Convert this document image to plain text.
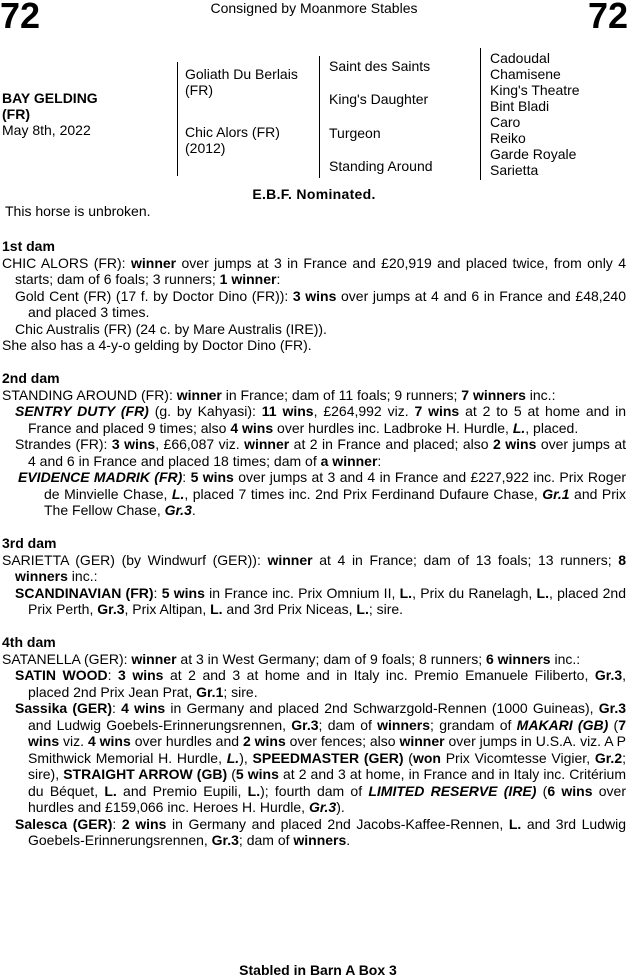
72	Consigned by Moanmore Stables	72
BAY GELDING
(FR)
May 8th, 2022
Goliath Du Berlais (FR)
Chic Alors (FR) (2012)
Saint des Saints
King's Daughter
Turgeon
Standing Around
Cadoudal
Chamisene
King's Theatre
Bint Bladi
Caro
Reiko
Garde Royale
Sarietta
E.B.F. Nominated.
This horse is unbroken.
1st dam
CHIC ALORS (FR): winner over jumps at 3 in France and £20,919 and placed twice, from only 4 starts; dam of 6 foals; 3 runners; 1 winner:
Gold Cent (FR) (17 f. by Doctor Dino (FR)): 3 wins over jumps at 4 and 6 in France and £48,240 and placed 3 times.
Chic Australis (FR) (24 c. by Mare Australis (IRE)).
She also has a 4-y-o gelding by Doctor Dino (FR).
2nd dam
STANDING AROUND (FR): winner in France; dam of 11 foals; 9 runners; 7 winners inc.:
SENTRY DUTY (FR) (g. by Kahyasi): 11 wins, £264,992 viz. 7 wins at 2 to 5 at home and in France and placed 9 times; also 4 wins over hurdles inc. Ladbroke H. Hurdle, L., placed.
Strandes (FR): 3 wins, £66,087 viz. winner at 2 in France and placed; also 2 wins over jumps at 4 and 6 in France and placed 18 times; dam of a winner:
EVIDENCE MADRIK (FR): 5 wins over jumps at 3 and 4 in France and £227,922 inc. Prix Roger de Minvielle Chase, L., placed 7 times inc. 2nd Prix Ferdinand Dufaure Chase, Gr.1 and Prix The Fellow Chase, Gr.3.
3rd dam
SARIETTA (GER) (by Windwurf (GER)): winner at 4 in France; dam of 13 foals; 13 runners; 8 winners inc.:
SCANDINAVIAN (FR): 5 wins in France inc. Prix Omnium II, L., Prix du Ranelagh, L., placed 2nd Prix Perth, Gr.3, Prix Altipan, L. and 3rd Prix Niceas, L.; sire.
4th dam
SATANELLA (GER): winner at 3 in West Germany; dam of 9 foals; 8 runners; 6 winners inc.:
SATIN WOOD: 3 wins at 2 and 3 at home and in Italy inc. Premio Emanuele Filiberto, Gr.3, placed 2nd Prix Jean Prat, Gr.1; sire.
Sassika (GER): 4 wins in Germany and placed 2nd Schwarzgold-Rennen (1000 Guineas), Gr.3 and Ludwig Goebels-Erinnerungsrennen, Gr.3; dam of winners; grandam of MAKARI (GB) (7 wins viz. 4 wins over hurdles and 2 wins over fences; also winner over jumps in U.S.A. viz. A P Smithwick Memorial H. Hurdle, L.), SPEEDMASTER (GER) (won Prix Vicomtesse Vigier, Gr.2; sire), STRAIGHT ARROW (GB) (5 wins at 2 and 3 at home, in France and in Italy inc. Critérium du Béquet, L. and Premio Eupili, L.); fourth dam of LIMITED RESERVE (IRE) (6 wins over hurdles and £159,066 inc. Heroes H. Hurdle, Gr.3).
Salesca (GER): 2 wins in Germany and placed 2nd Jacobs-Kaffee-Rennen, L. and 3rd Ludwig Goebels-Erinnerungsrennen, Gr.3; dam of winners.
Stabled in Barn A Box 3
